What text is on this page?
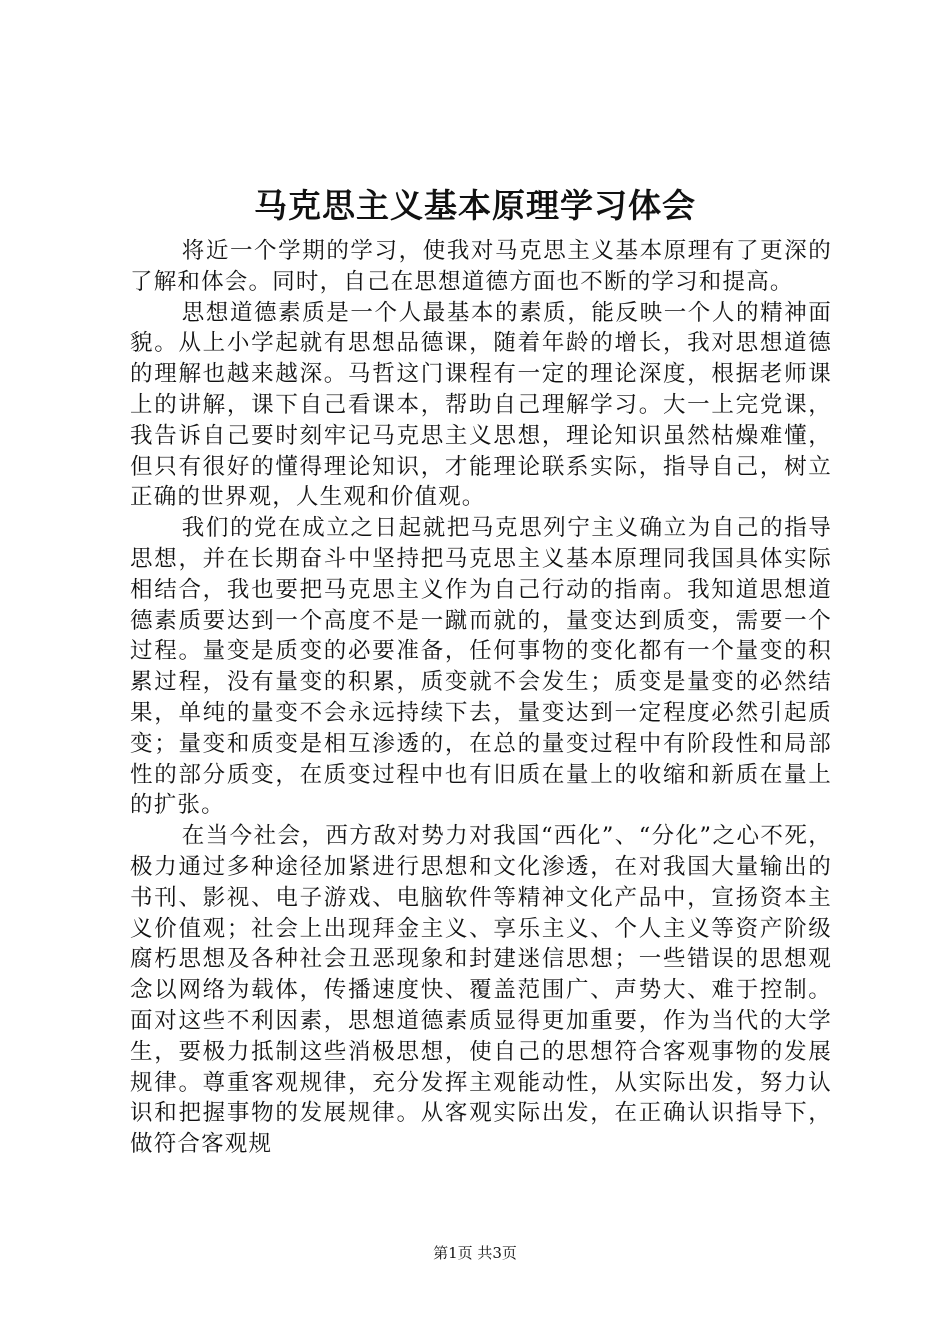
马克思主义基本原理学习体会

将近一个学期的学习，使我对马克思主义基本原理有了更深的了解和体会。同时，自己在思想道德方面也不断的学习和提高。

思想道德素质是一个人最基本的素质，能反映一个人的精神面貌。从上小学起就有思想品德课，随着年龄的增长，我对思想道德的理解也越来越深。马哲这门课程有一定的理论深度，根据老师课上的讲解，课下自己看课本，帮助自己理解学习。大一上完党课，我告诉自己要时刻牢记马克思主义思想，理论知识虽然枯燥难懂，但只有很好的懂得理论知识，才能理论联系实际，指导自己，树立正确的世界观，人生观和价值观。

我们的党在成立之日起就把马克思列宁主义确立为自己的指导思想，并在长期奋斗中坚持把马克思主义基本原理同我国具体实际相结合，我也要把马克思主义作为自己行动的指南。我知道思想道德素质要达到一个高度不是一蹴而就的，量变达到质变，需要一个过程。量变是质变的必要准备，任何事物的变化都有一个量变的积累过程，没有量变的积累，质变就不会发生；质变是量变的必然结果，单纯的量变不会永远持续下去，量变达到一定程度必然引起质变；量变和质变是相互渗透的，在总的量变过程中有阶段性和局部性的部分质变，在质变过程中也有旧质在量上的收缩和新质在量上的扩张。

在当今社会，西方敌对势力对我国“西化”、“分化”之心不死，极力通过多种途径加紧进行思想和文化渗透，在对我国大量输出的书刊、影视、电子游戏、电脑软件等精神文化产品中，宣扬资本主义价值观；社会上出现拜金主义、享乐主义、个人主义等资产阶级腐朽思想及各种社会丑恶现象和封建迷信思想；一些错误的思想观念以网络为载体，传播速度快、覆盖范围广、声势大、难于控制。面对这些不利因素，思想道德素质显得更加重要，作为当代的大学生，要极力抵制这些消极思想，使自己的思想符合客观事物的发展规律。尊重客观规律，充分发挥主观能动性，从实际出发，努力认识和把握事物的发展规律。从客观实际出发，在正确认识指导下，做符合客观规

第1页 共3页
